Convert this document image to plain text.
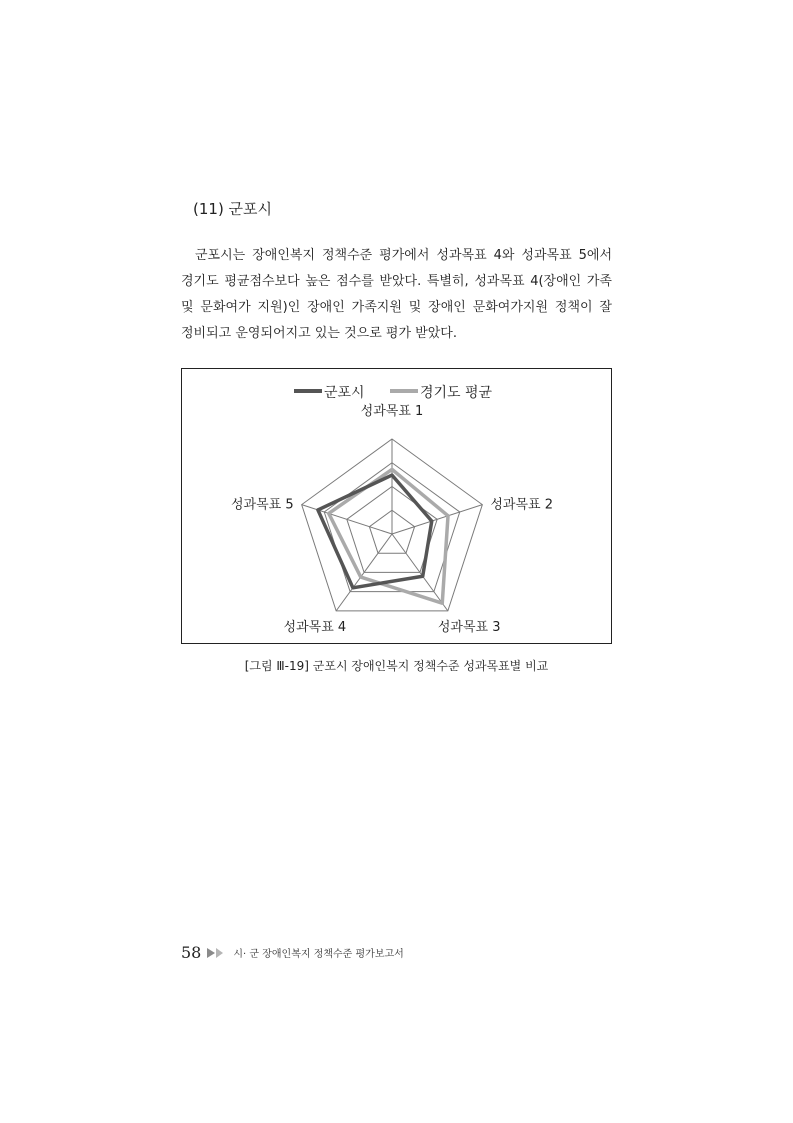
(11) 군포시
군포시는 장애인복지 정책수준 평가에서 성과목표 4와 성과목표 5에서
경기도 평균점수보다 높은 점수를 받았다. 특별히, 성과목표 4(장애인 가족
및 문화여가 지원)인 장애인 가족지원 및 장애인 문화여가지원 정책이 잘
정비되고 운영되어지고 있는 것으로 평가 받았다.
성과목표 1
성과목표 2
성과목표 3
성과목표 4
성과목표 5
군포시	경기도 평균
[그림 Ⅲ-19] 군포시 장애인복지 정책수준 성과목표별 비교
58	시· 군 장애인복지 정책수준 평가보고서
